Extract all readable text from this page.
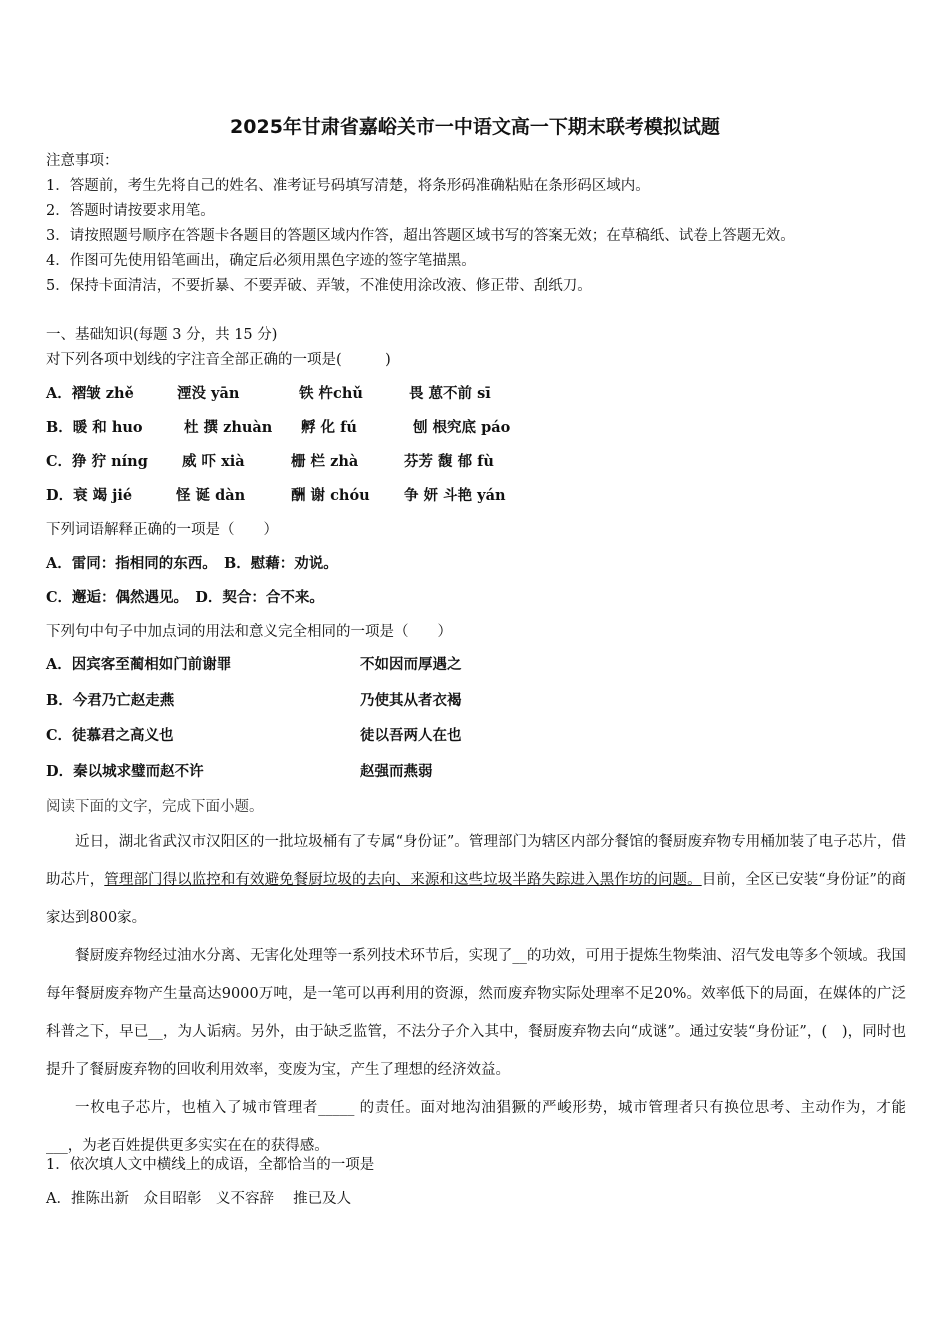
2025年甘肃省嘉峪关市一中语文高一下期末联考模拟试题
注意事项：
1．答题前，考生先将自己的姓名、准考证号码填写清楚，将条形码准确粘贴在条形码区域内。
2．答题时请按要求用笔。
3．请按照题号顺序在答题卡各题目的答题区域内作答，超出答题区域书写的答案无效；在草稿纸、试卷上答题无效。
4．作图可先使用铅笔画出，确定后必须用黑色字迹的签字笔描黑。
5．保持卡面清洁，不要折暴、不要弄破、弄皱，不准使用涂改液、修正带、刮纸刀。
一、基础知识(每题 3 分，共 15 分)
对下列各项中划线的字注音全部正确的一项是(　　　)
A．褶皱 zhě	湮没 yān	铁 杵chǔ	畏 葸不前 sī
B．暖 和 huo	杜 撰 zhuàn 孵 化 fú	刨 根究底 páo
C．狰 狞 níng 威 吓 xià	栅 栏 zhà	芬芳 馥 郁 fù
D．衰 竭 jié	怪 诞 dàn	酬 谢 chóu 争 妍 斗艳 yán
下列词语解释正确的一项是（　　）
A．雷同：指相同的东西。　B．慰藉：劝说。
C．邂逅：偶然遇见。　D．契合：合不来。
下列句中句子中加点词的用法和意义完全相同的一项是（　　）
A．因宾客至蔺相如门前谢罪	不如因而厚遇之
B．今君乃亡赵走燕	乃使其从者衣褐
C．徒慕君之高义也	徒以吾两人在也
D．秦以城求璧而赵不许	赵强而燕弱
阅读下面的文字，完成下面小题。

近日，湖北省武汉市汉阳区的一批垃圾桶有了专属“身份证”。管理部门为辖区内部分餐馆的餐厨废弃物专用桶加装了电子芯片，借助芯片，管理部门得以监控和有效避免餐厨垃圾的去向、来源和这些垃圾半路失踪进入黑作坊的问题。目前，全区已安装“身份证”的商家达到800家。

餐厨废弃物经过油水分离、无害化处理等一系列技术环节后，实现了__的功效，可用于提炼生物柴油、沼气发电等多个领域。我国每年餐厨废弃物产生量高达9000万吨，是一笔可以再利用的资源，然而废弃物实际处理率不足20%。效率低下的局面，在媒体的广泛科普之下，早已__，为人诟病。另外，由于缺乏监管，不法分子介入其中，餐厨废弃物去向“成谜”。通过安装“身份证”，(　)，同时也提升了餐厨废弃物的回收利用效率，变废为宝，产生了理想的经济效益。

一枚电子芯片，也植入了城市管理者_____ 的责任。面对地沟油猖獗的严峻形势，城市管理者只有换位思考、主动作为，才能___，为老百姓提供更多实实在在的获得感。

1．依次填人文中横线上的成语，全都恰当的一项是
A．推陈出新　众目昭彰　义不容辞　 推已及人
